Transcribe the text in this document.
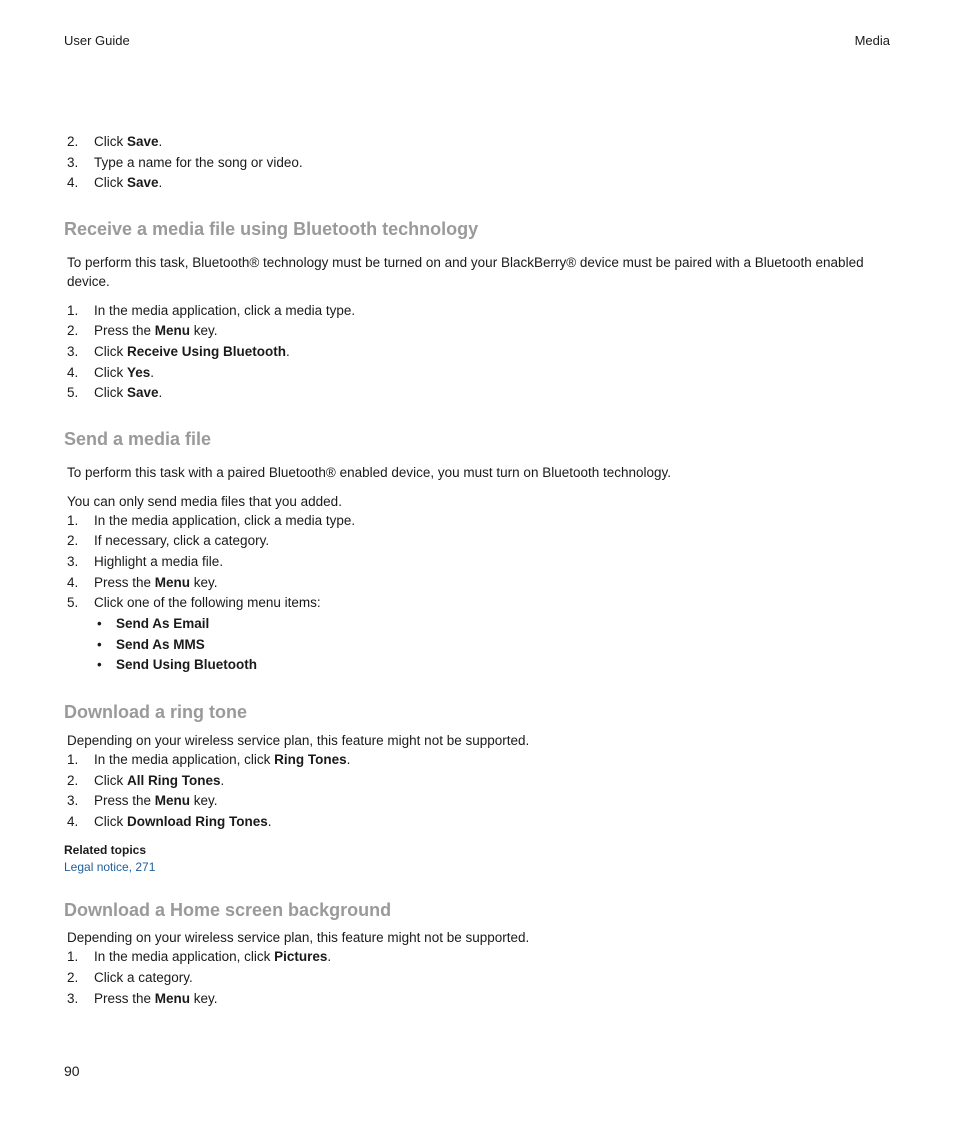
User Guide	Media
2. Click Save.
3. Type a name for the song or video.
4. Click Save.
Receive a media file using Bluetooth technology
To perform this task, Bluetooth® technology must be turned on and your BlackBerry® device must be paired with a Bluetooth enabled device.
1. In the media application, click a media type.
2. Press the Menu key.
3. Click Receive Using Bluetooth.
4. Click Yes.
5. Click Save.
Send a media file
To perform this task with a paired Bluetooth® enabled device, you must turn on Bluetooth technology.
You can only send media files that you added.
1. In the media application, click a media type.
2. If necessary, click a category.
3. Highlight a media file.
4. Press the Menu key.
5. Click one of the following menu items:
• Send As Email
• Send As MMS
• Send Using Bluetooth
Download a ring tone
Depending on your wireless service plan, this feature might not be supported.
1. In the media application, click Ring Tones.
2. Click All Ring Tones.
3. Press the Menu key.
4. Click Download Ring Tones.
Related topics
Legal notice, 271
Download a Home screen background
Depending on your wireless service plan, this feature might not be supported.
1. In the media application, click Pictures.
2. Click a category.
3. Press the Menu key.
90
